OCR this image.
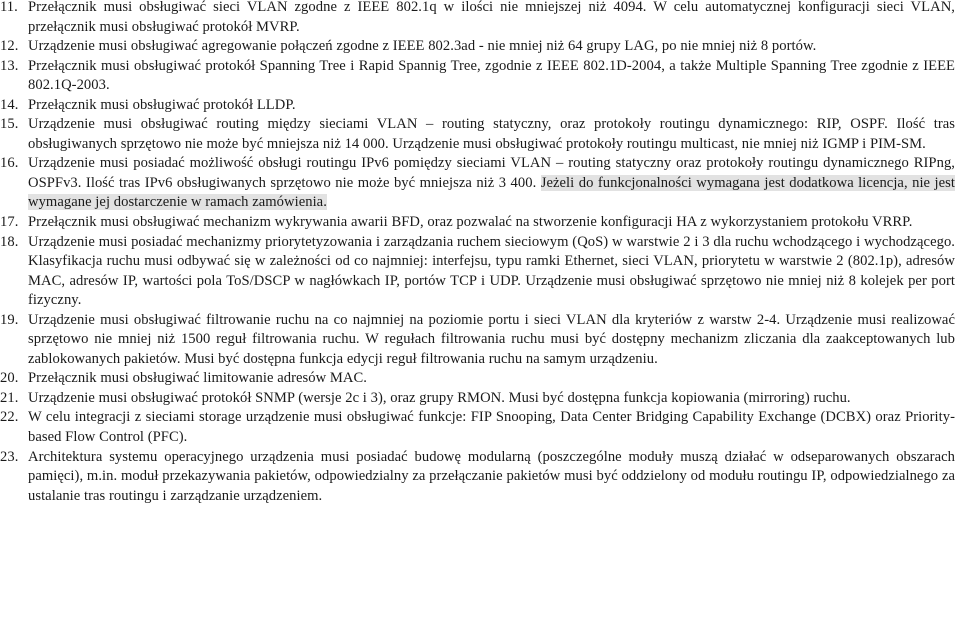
11. Przełącznik musi obsługiwać sieci VLAN zgodne z IEEE 802.1q w ilości nie mniejszej niż 4094. W celu automatycznej konfiguracji sieci VLAN, przełącznik musi obsługiwać protokół MVRP.
12. Urządzenie musi obsługiwać agregowanie połączeń zgodne z IEEE 802.3ad - nie mniej niż 64 grupy LAG, po nie mniej niż 8 portów.
13. Przełącznik musi obsługiwać protokół Spanning Tree i Rapid Spannig Tree, zgodnie z IEEE 802.1D-2004, a także Multiple Spanning Tree zgodnie z IEEE 802.1Q-2003.
14. Przełącznik musi obsługiwać protokół LLDP.
15. Urządzenie musi obsługiwać routing między sieciami VLAN – routing statyczny, oraz protokoły routingu dynamicznego: RIP, OSPF. Ilość tras obsługiwanych sprzętowo nie może być mniejsza niż 14 000. Urządzenie musi obsługiwać protokoły routingu multicast, nie mniej niż IGMP i PIM-SM.
16. Urządzenie musi posiadać możliwość obsługi routingu IPv6 pomiędzy sieciami VLAN – routing statyczny oraz protokoły routingu dynamicznego RIPng, OSPFv3. Ilość tras IPv6 obsługiwanych sprzętowo nie może być mniejsza niż 3 400. Jeżeli do funkcjonalności wymagana jest dodatkowa licencja, nie jest wymagane jej dostarczenie w ramach zamówienia.
17. Przełącznik musi obsługiwać mechanizm wykrywania awarii BFD, oraz pozwalać na stworzenie konfiguracji HA z wykorzystaniem protokołu VRRP.
18. Urządzenie musi posiadać mechanizmy priorytetyzowania i zarządzania ruchem sieciowym (QoS) w warstwie 2 i 3 dla ruchu wchodzącego i wychodzącego. Klasyfikacja ruchu musi odbywać się w zależności od co najmniej: interfejsu, typu ramki Ethernet, sieci VLAN, priorytetu w warstwie 2 (802.1p), adresów MAC, adresów IP, wartości pola ToS/DSCP w nagłówkach IP, portów TCP i UDP. Urządzenie musi obsługiwać sprzętowo nie mniej niż 8 kolejek per port fizyczny.
19. Urządzenie musi obsługiwać filtrowanie ruchu na co najmniej na poziomie portu i sieci VLAN dla kryteriów z warstw 2-4. Urządzenie musi realizować sprzętowo nie mniej niż 1500 reguł filtrowania ruchu. W regułach filtrowania ruchu musi być dostępny mechanizm zliczania dla zaakceptowanych lub zablokowanych pakietów. Musi być dostępna funkcja edycji reguł filtrowania ruchu na samym urządzeniu.
20. Przełącznik musi obsługiwać limitowanie adresów MAC.
21. Urządzenie musi obsługiwać protokół SNMP (wersje 2c i 3), oraz grupy RMON. Musi być dostępna funkcja kopiowania (mirroring) ruchu.
22. W celu integracji z sieciami storage urządzenie musi obsługiwać funkcje: FIP Snooping, Data Center Bridging Capability Exchange (DCBX) oraz Priority-based Flow Control (PFC).
23. Architektura systemu operacyjnego urządzenia musi posiadać budowę modularną (poszczególne moduły muszą działać w odseparowanych obszarach pamięci), m.in. moduł przekazywania pakietów, odpowiedzialny za przełączanie pakietów musi być oddzielony od modułu routingu IP, odpowiedzialnego za ustalanie tras routingu i zarządzanie urządzeniem.
